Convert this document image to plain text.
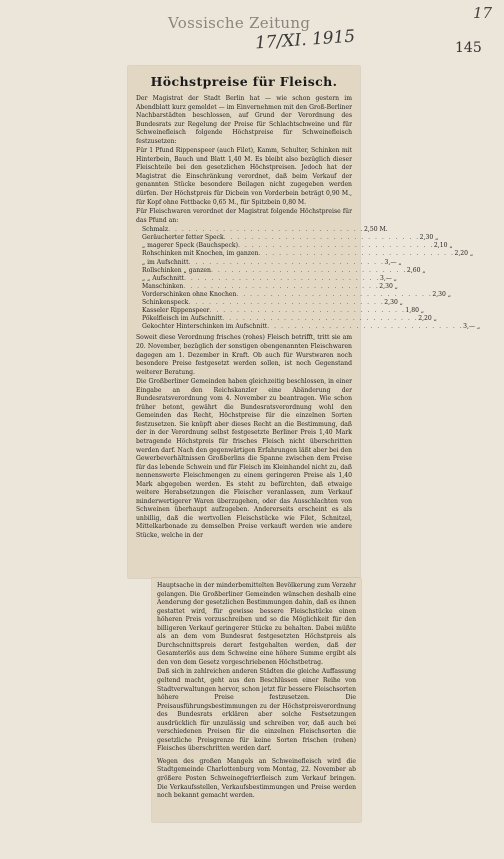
Vossische Zeitung
17/XI. 1915
17
145
Höchstpreise für Fleisch.

Der Magistrat der Stadt Berlin hat — wie schon gestern im Abendblatt kurz gemeldet — im Einvernehmen mit den Groß-Berliner Nachbarstädten beschlossen, auf Grund der Verordnung des Bundesrats zur Regelung der Preise für Schlachtschweine und für Schweinefleisch folgende Höchstpreise für Schweinefleisch festzusetzen:

Für 1 Pfund Rippenspeer (auch Filet), Kamm, Schulter, Schinken mit Hinterbein, Bauch und Blatt 1,40 M. Es bleibt also bezüglich dieser Fleischteile bei den gesetzlichen Höchstpreisen. Jedoch hat der Magistrat die Einschränkung verordnet, daß beim Verkauf der genannten Stücke besondere Beilagen nicht zugegeben werden dürfen. Der Höchstpreis für Dicbein von Vorderbein beträgt 0,90 M., für Kopf ohne Fettbacke 0,65 M., für Spitzbein 0,80 M.

Für Fleischwaren verordnet der Magistrat folgende Höchstpreise für das Pfund an:

Schmalz . . . . . . . . . . . . . . . . . . . . . . . . . . . . . 2,50 M.
Geräucherter fetter Speck . . . . . . . . . . . . . . . . . . . . . . . . . . . . . 2,30 „
„ magerer Speck (Bauchspeck) . . . . . . . . . . . . . . . . . . . . . . . . . . . . . 2,10 „
Rohschinken mit Knochen, im ganzen . . . . . . . . . . . . . . . . . . . . . . . . . . . . . 2,20 „
„ im Aufschnitt . . . . . . . . . . . . . . . . . . . . . . . . . . . . . 3,— „
Rollschinken „ ganzen . . . . . . . . . . . . . . . . . . . . . . . . . . . . . 2,60 „
„ „ Aufschnitt . . . . . . . . . . . . . . . . . . . . . . . . . . . . . 3,— „
Manschinken . . . . . . . . . . . . . . . . . . . . . . . . . . . . . 2,30 „
Vorderschinken ohne Knochen . . . . . . . . . . . . . . . . . . . . . . . . . . . . . 2,30 „
Schinkenspeck . . . . . . . . . . . . . . . . . . . . . . . . . . . . . 2,30 „
Kasseler Rippenspeer . . . . . . . . . . . . . . . . . . . . . . . . . . . . . 1,80 „
Pökelfleisch im Aufschnitt . . . . . . . . . . . . . . . . . . . . . . . . . . . . . 2,20 „
Gekochter Hinterschinken im Aufschnitt . . . . . . . . . . . . . . . . . . . . . . . . . . . . . 3,— „

Soweit diese Verordnung frisches (rohes) Fleisch betrifft, tritt sie am 20. November, bezüglich der sonstigen obengenannten Fleischwaren dagegen am 1. Dezember in Kraft. Ob auch für Wurstwaren noch besondere Preise festgesetzt werden sollen, ist noch Gegenstand weiterer Beratung.

Die Großberliner Gemeinden haben gleichzeitig beschlossen, in einer Eingabe an den Reichskanzler eine Abänderung der Bundesratsverordnung vom 4. November zu beantragen. Wie schon früher betont, gewährt die Bundesratsverordnung wohl den Gemeinden das Recht, Höchstpreise für die einzelnen Sorten festzusetzen. Sie knüpft aber dieses Recht an die Bestimmung, daß der in der Verordnung selbst festgesetzte Berliner Preis 1,40 Mark betragende Höchstpreis für frisches Fleisch nicht überschritten werden darf. Nach den gegenwärtigen Erfahrungen läßt aber bei den Gewerbeverhältnissen Großberlins die Spanne zwischen dem Preise für das lebende Schwein und für Fleisch im Kleinhandel nicht zu, daß nennenswerte Fleischmengen zu einem geringeren Preise als 1,40 Mark abgegeben werden. Es steht zu befürchten, daß etwaige weitere Herabsetzungen die Fleischer veranlassen, zum Verkauf minderwertigerer Waren überzugehen, oder das Ausschlachten von Schweinen überhaupt aufzugeben. Andererseits erscheint es als unbillig, daß die wertvollen Fleischstücke wie Filet, Schnitzel, Mittelkarbonade zu demselben Preise verkauft werden wie andere Stücke, welche in der

Hauptsache in der minderbemittelten Bevölkerung zum Verzehr gelangen. Die Großberliner Gemeinden wünschen deshalb eine Aenderung der gesetzlichen Bestimmungen dahin, daß es ihnen gestattet wird, für gewisse bessere Fleischstücke einen höheren Preis vorzuschreiben und so die Möglichkeit für den billigeren Verkauf geringerer Stücke zu behalten. Dabei müßte als an dem vom Bundesrat festgesetzten Höchstpreis als Durchschnittspreis derart festgehalten werden, daß der Gesamterlös aus dem Schweine eine höhere Summe ergibt als den von dem Gesetz vorgeschriebenen Höchstbetrag.

Daß sich in zahlreichen anderen Städten die gleiche Auffassung geltend macht, geht aus den Beschlüssen einer Reihe von Stadtverwaltungen hervor, schon jetzt für bessere Fleischsorten höhere Preise festzusetzen. Die Preisausführungsbestimmungen zu der Höchstpreisverordnung des Bundesrats erklären aber solche Festsetzungen ausdrücklich für unzulässig und schreiben vor, daß auch bei verschiedenen Preisen für die einzelnen Fleischsorten die gesetzliche Preisgrenze für keine Sorten frischen (rohen) Fleisches überschritten werden darf.

Wegen des großen Mangels an Schweinefleisch wird die Stadtgemeinde Charlottenburg vom Montag, 22. November ab größere Posten Schweinegefrierfleisch zum Verkauf bringen. Die Verkaufsstellen, Verkaufsbestimmungen und Preise werden noch bekannt gemacht werden.
